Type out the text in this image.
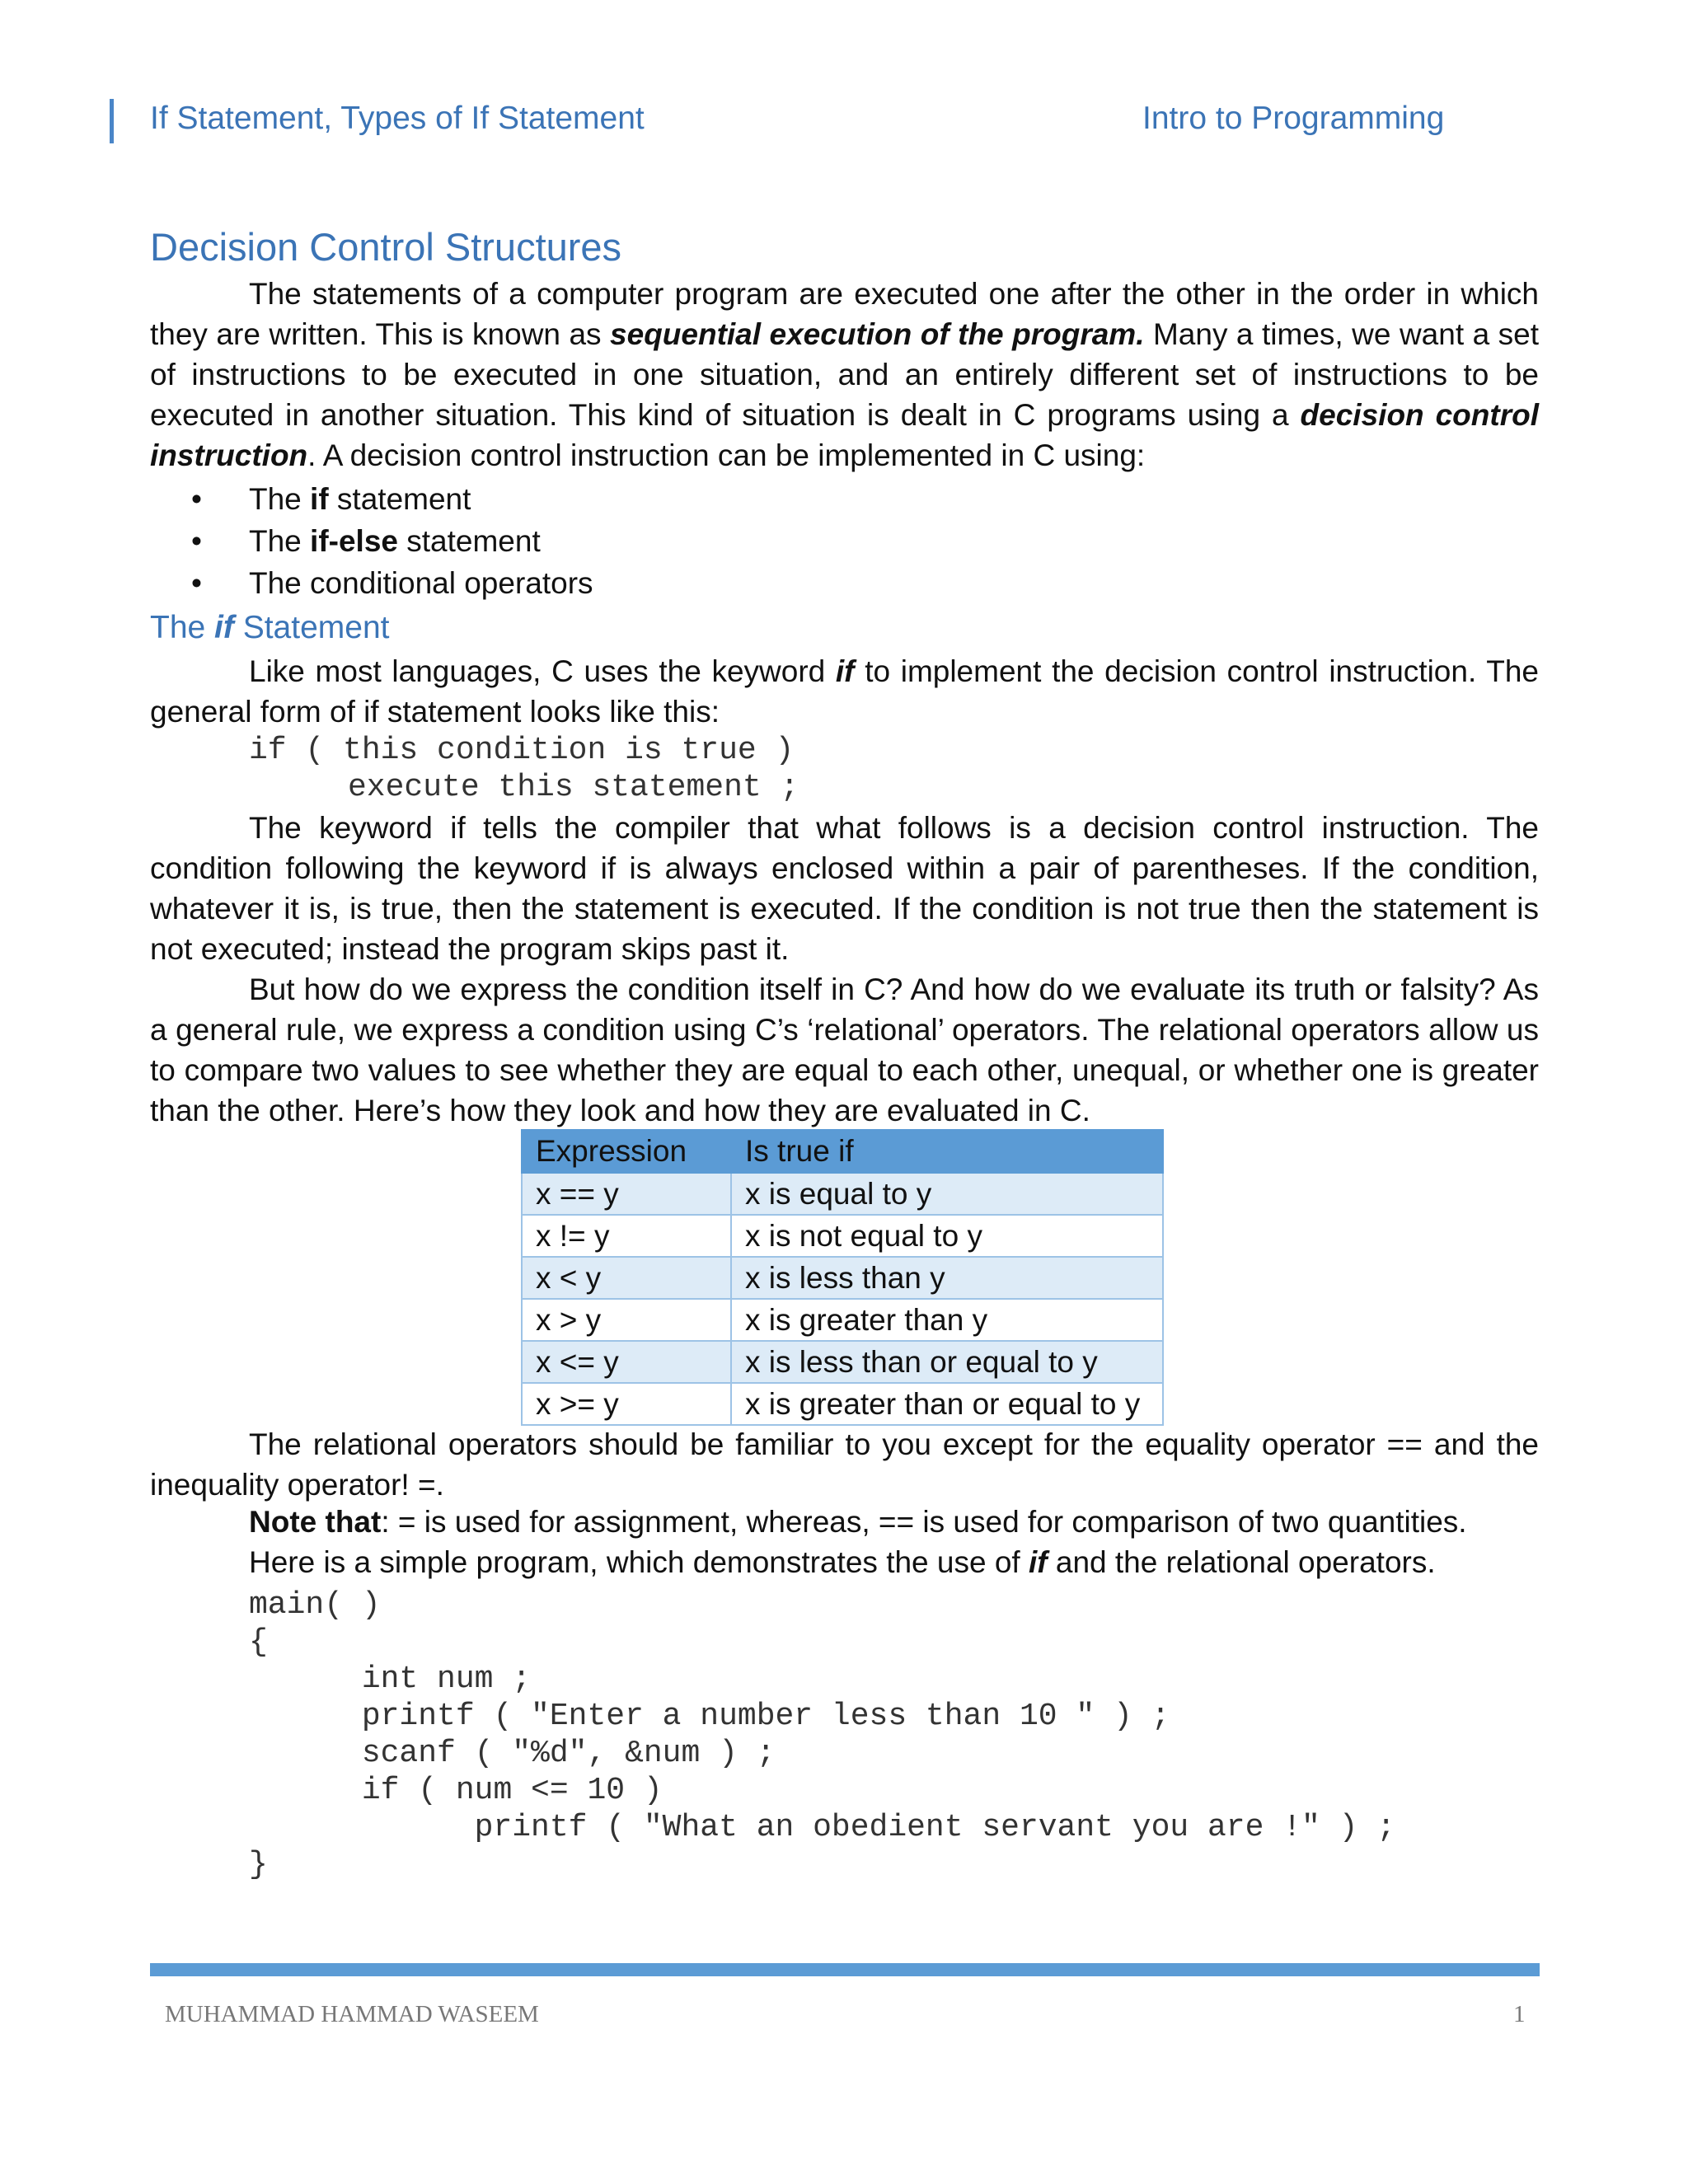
If Statement, Types of If Statement	Intro to Programming
Decision Control Structures
The statements of a computer program are executed one after the other in the order in which they are written. This is known as sequential execution of the program. Many a times, we want a set of instructions to be executed in one situation, and an entirely different set of instructions to be executed in another situation. This kind of situation is dealt in C programs using a decision control instruction. A decision control instruction can be implemented in C using:
• The if statement
• The if-else statement
• The conditional operators
The if Statement
Like most languages, C uses the keyword if to implement the decision control instruction. The general form of if statement looks like this:
if ( this condition is true )
execute this statement ;
The keyword if tells the compiler that what follows is a decision control instruction. The condition following the keyword if is always enclosed within a pair of parentheses. If the condition, whatever it is, is true, then the statement is executed. If the condition is not true then the statement is not executed; instead the program skips past it.
But how do we express the condition itself in C? And how do we evaluate its truth or falsity? As a general rule, we express a condition using C’s ‘relational’ operators. The relational operators allow us to compare two values to see whether they are equal to each other, unequal, or whether one is greater than the other. Here’s how they look and how they are evaluated in C.
Expression	Is true if
x == y	x is equal to y
x != y	x is not equal to y
x < y	x is less than y
x > y	x is greater than y
x <= y	x is less than or equal to y
x >= y	x is greater than or equal to y
The relational operators should be familiar to you except for the equality operator == and the inequality operator! =.
Note that: = is used for assignment, whereas, == is used for comparison of two quantities.
Here is a simple program, which demonstrates the use of if and the relational operators.
main( )
{
int num ;
printf ( "Enter a number less than 10 " ) ;
scanf ( "%d", &num ) ;
if ( num <= 10 )
printf ( "What an obedient servant you are !" ) ;
}
MUHAMMAD HAMMAD WASEEM	1
